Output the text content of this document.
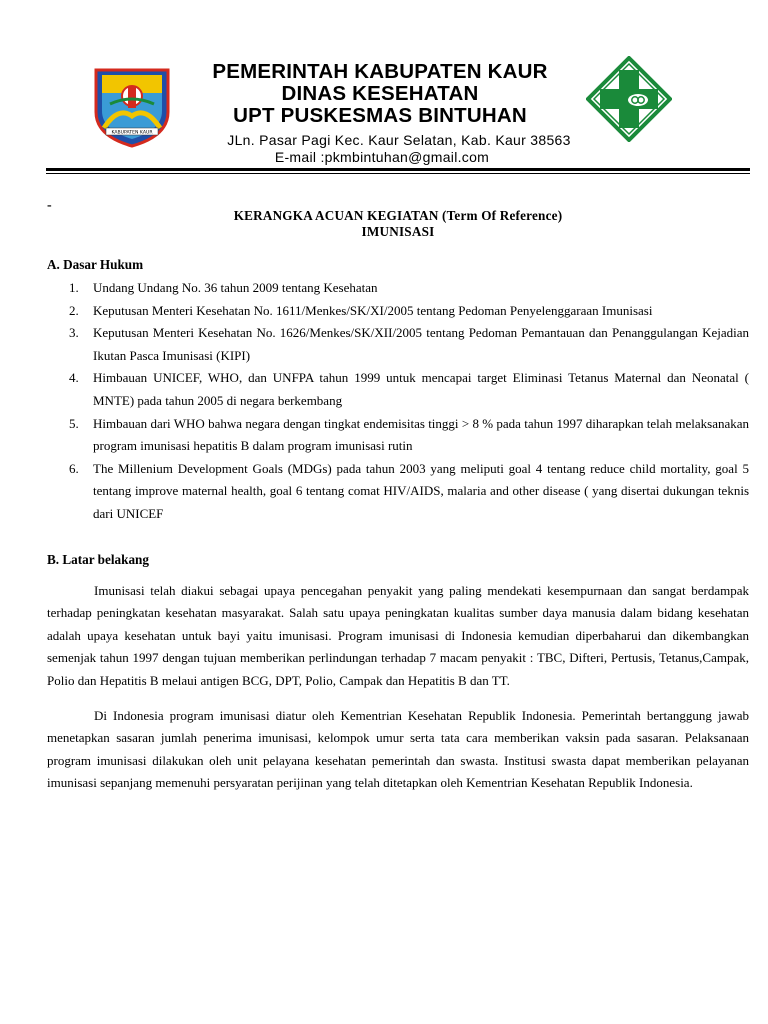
KABUPATEN KAUR
PEMERINTAH KABUPATEN KAUR
DINAS KESEHATAN
UPT PUSKESMAS BINTUHAN
JLn. Pasar Pagi Kec. Kaur Selatan, Kab. Kaur 38563
E-mail :pkmbintuhan@gmail.com
-
KERANGKA ACUAN KEGIATAN (Term Of Reference)
IMUNISASI
A. Dasar Hukum
1.	Undang Undang No. 36 tahun 2009 tentang Kesehatan
2.	Keputusan Menteri Kesehatan No. 1611/Menkes/SK/XI/2005 tentang Pedoman Penyelenggaraan Imunisasi
3.	Keputusan Menteri Kesehatan No. 1626/Menkes/SK/XII/2005 tentang Pedoman Pemantauan dan Penanggulangan Kejadian Ikutan Pasca Imunisasi (KIPI)
4.	Himbauan UNICEF, WHO, dan UNFPA tahun 1999 untuk mencapai target Eliminasi Tetanus Maternal dan Neonatal ( MNTE) pada tahun 2005 di negara berkembang
5.	Himbauan dari WHO bahwa negara dengan tingkat endemisitas tinggi > 8 % pada tahun 1997 diharapkan telah melaksanakan program imunisasi hepatitis B dalam program imunisasi rutin
6.	The Millenium Development Goals (MDGs) pada tahun 2003 yang meliputi goal 4 tentang reduce child mortality, goal 5 tentang improve maternal health, goal 6 tentang comat HIV/AIDS, malaria and other disease ( yang disertai dukungan teknis dari UNICEF
B. Latar belakang

Imunisasi telah diakui sebagai upaya pencegahan penyakit yang paling mendekati kesempurnaan dan sangat berdampak terhadap peningkatan kesehatan masyarakat. Salah satu upaya peningkatan kualitas sumber daya manusia dalam bidang kesehatan adalah upaya kesehatan untuk bayi yaitu imunisasi. Program imunisasi di Indonesia kemudian diperbaharui dan dikembangkan semenjak tahun 1997 dengan tujuan memberikan perlindungan terhadap 7 macam penyakit : TBC, Difteri, Pertusis, Tetanus,Campak, Polio dan Hepatitis B melaui antigen BCG, DPT, Polio, Campak dan Hepatitis B dan TT.

Di Indonesia program imunisasi diatur oleh Kementrian Kesehatan Republik Indonesia. Pemerintah bertanggung jawab menetapkan sasaran jumlah penerima imunisasi, kelompok umur serta tata cara memberikan vaksin pada sasaran. Pelaksanaan program imunisasi dilakukan oleh unit pelayana kesehatan pemerintah dan swasta. Institusi swasta dapat memberikan pelayanan imunisasi sepanjang memenuhi persyaratan perijinan yang telah ditetapkan oleh Kementrian Kesehatan Republik Indonesia.
